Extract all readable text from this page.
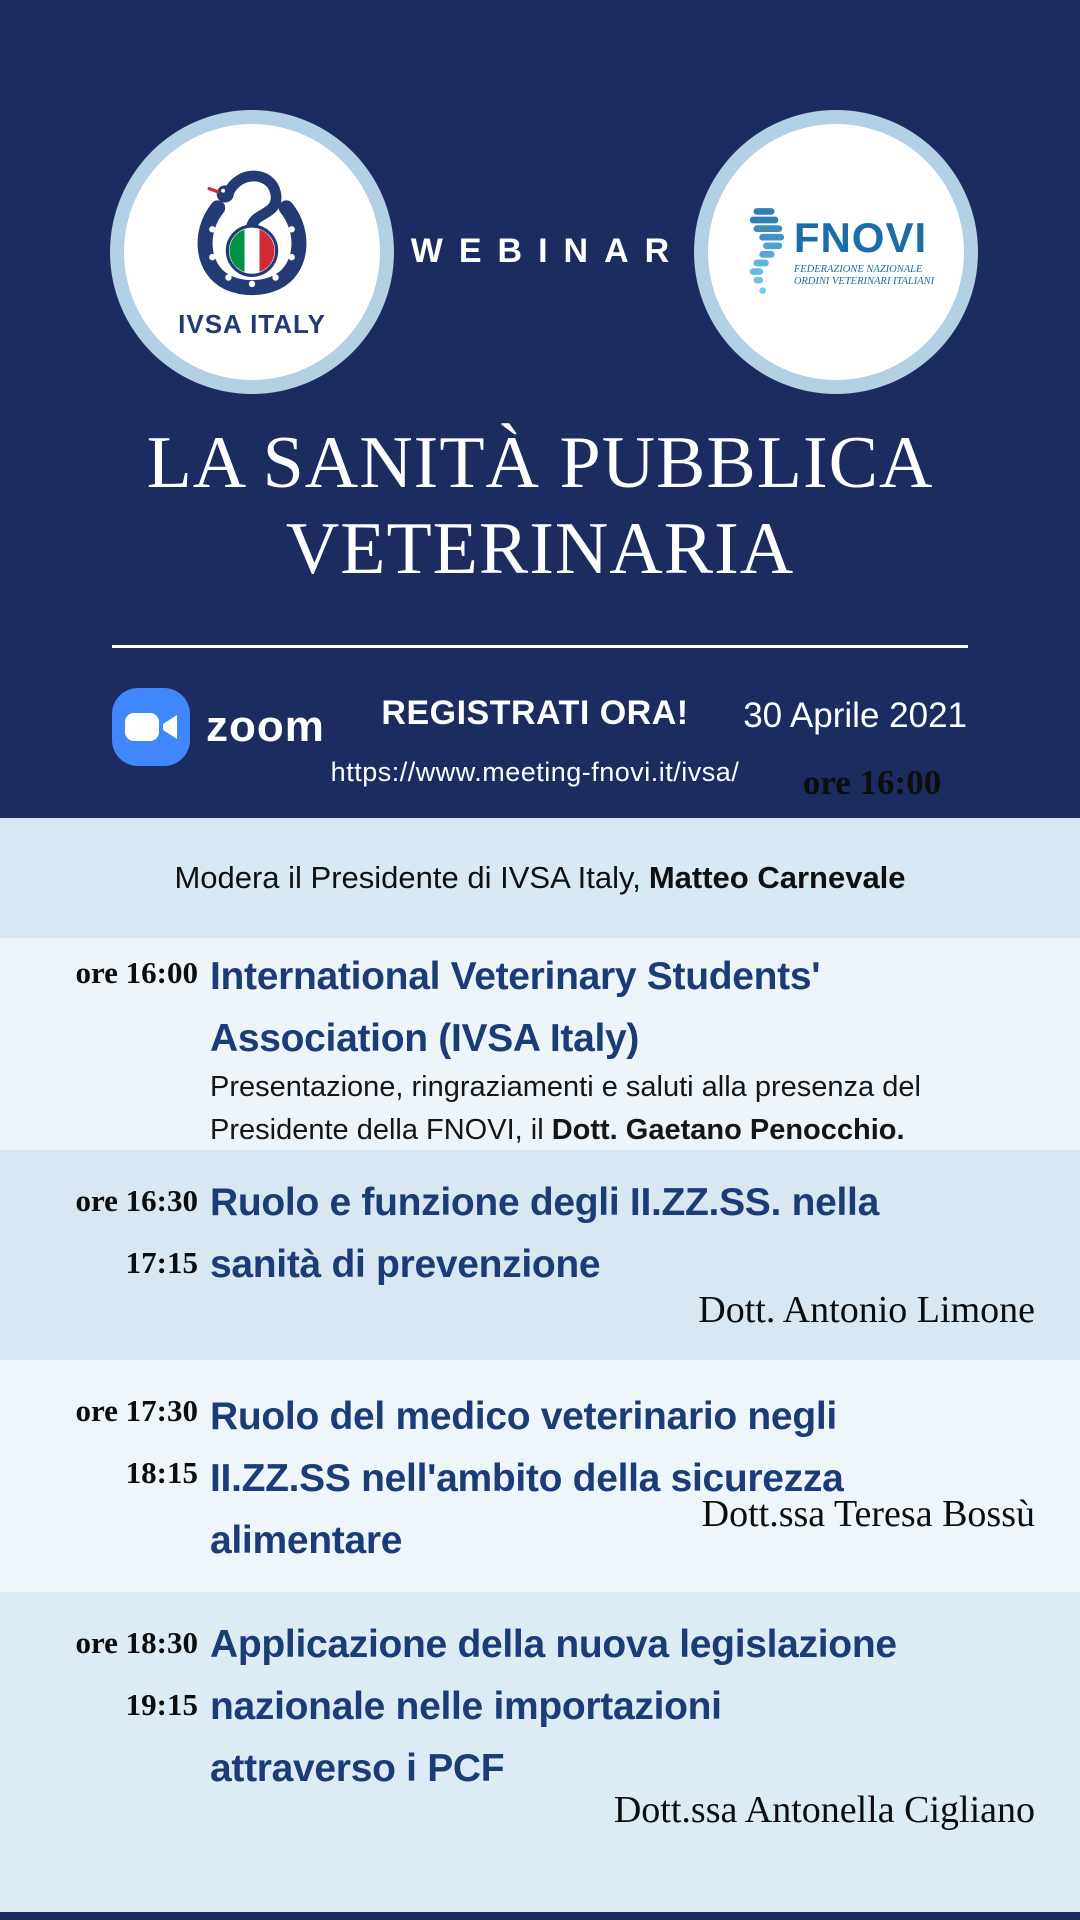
IVSA ITALY
WEBINAR	FNOVI
FEDERAZIONE NAZIONALE
ORDINI VETERINARI ITALIANI
LA SANITÀ PUBBLICA
VETERINARIA
zoom	REGISTRATI ORA!
https://www.meeting-fnovi.it/ivsa/
30 Aprile 2021
ore 16:00
Modera il Presidente di IVSA Italy, Matteo Carnevale
ore 16:00 International Veterinary Students'
Association (IVSA Italy)
Presentazione, ringraziamenti e saluti alla presenza del
Presidente della FNOVI, il Dott. Gaetano Penocchio.
ore 16:30
17:15
Ruolo e funzione degli II.ZZ.SS. nella
sanità di prevenzione
Dott. Antonio Limone
ore 17:30
18:15
Ruolo del medico veterinario negli
II.ZZ.SS nell'ambito della sicurezza
alimentare
Dott.ssa Teresa Bossù
ore 18:30
19:15
Applicazione della nuova legislazione
nazionale nelle importazioni
attraverso i PCF
Dott.ssa Antonella Cigliano
